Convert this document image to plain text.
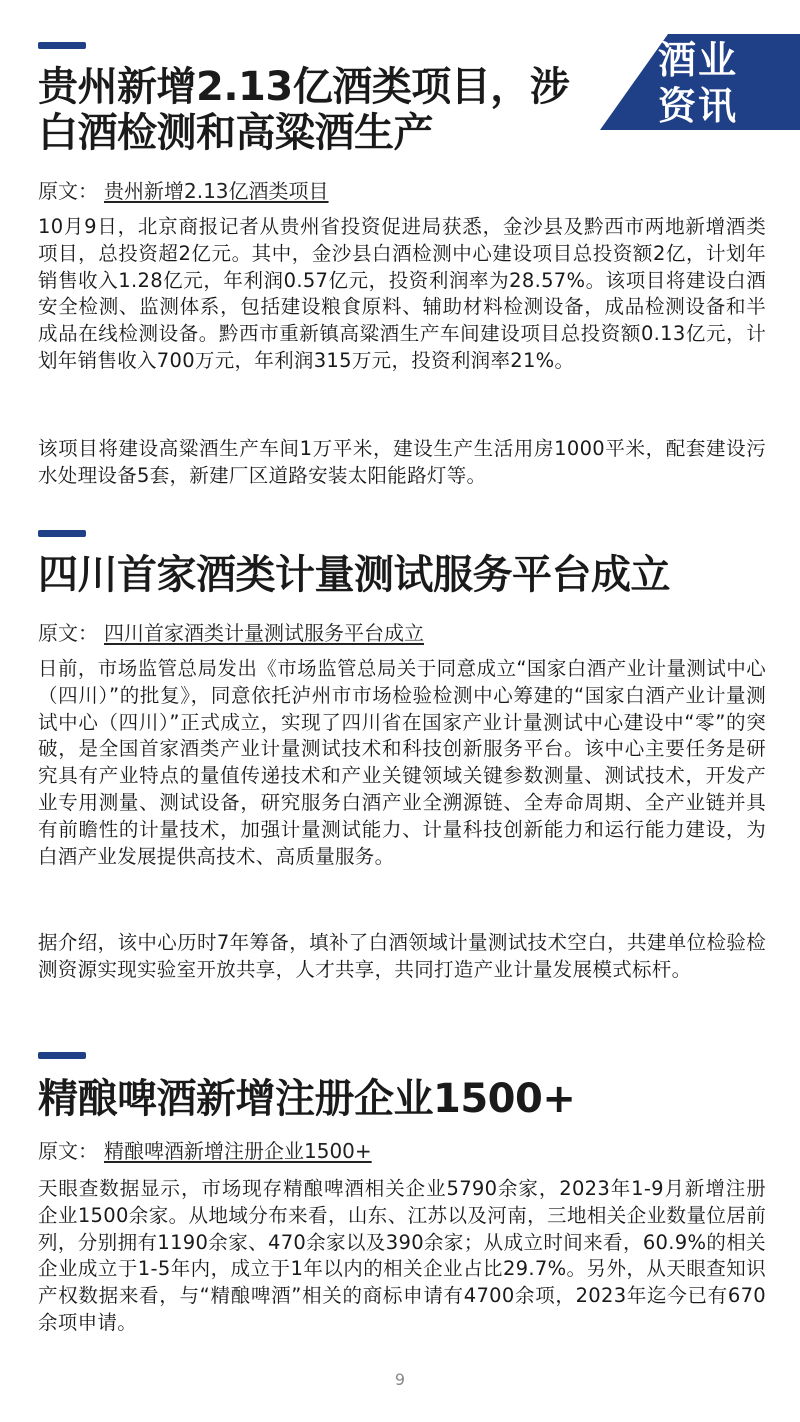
酒业
资讯
贵州新增2.13亿酒类项目，涉
白酒检测和高粱酒生产
原文： 贵州新增2.13亿酒类项目

10月9日，北京商报记者从贵州省投资促进局获悉，金沙县及黔西市两地新增酒类项目，总投资超2亿元。其中，金沙县白酒检测中心建设项目总投资额2亿，计划年销售收入1.28亿元，年利润0.57亿元，投资利润率为28.57%。该项目将建设白酒安全检测、监测体系，包括建设粮食原料、辅助材料检测设备，成品检测设备和半成品在线检测设备。黔西市重新镇高粱酒生产车间建设项目总投资额0.13亿元，计划年销售收入700万元，年利润315万元，投资利润率21%。

该项目将建设高粱酒生产车间1万平米，建设生产生活用房1000平米，配套建设污水处理设备5套，新建厂区道路安装太阳能路灯等。

四川首家酒类计量测试服务平台成立
原文： 四川首家酒类计量测试服务平台成立

日前，市场监管总局发出《市场监管总局关于同意成立“国家白酒产业计量测试中心（四川）”的批复》，同意依托泸州市市场检验检测中心筹建的“国家白酒产业计量测试中心（四川）”正式成立，实现了四川省在国家产业计量测试中心建设中“零”的突破，是全国首家酒类产业计量测试技术和科技创新服务平台。该中心主要任务是研究具有产业特点的量值传递技术和产业关键领域关键参数测量、测试技术，开发产业专用测量、测试设备，研究服务白酒产业全溯源链、全寿命周期、全产业链并具有前瞻性的计量技术，加强计量测试能力、计量科技创新能力和运行能力建设，为白酒产业发展提供高技术、高质量服务。

据介绍，该中心历时7年筹备，填补了白酒领域计量测试技术空白，共建单位检验检测资源实现实验室开放共享，人才共享，共同打造产业计量发展模式标杆。

精酿啤酒新增注册企业1500+
原文： 精酿啤酒新增注册企业1500+

天眼查数据显示，市场现存精酿啤酒相关企业5790余家，2023年1-9月新增注册企业1500余家。从地域分布来看，山东、江苏以及河南，三地相关企业数量位居前列，分别拥有1190余家、470余家以及390余家；从成立时间来看，60.9%的相关企业成立于1-5年内，成立于1年以内的相关企业占比29.7%。另外，从天眼查知识产权数据来看，与“精酿啤酒”相关的商标申请有4700余项，2023年迄今已有670余项申请。

9
